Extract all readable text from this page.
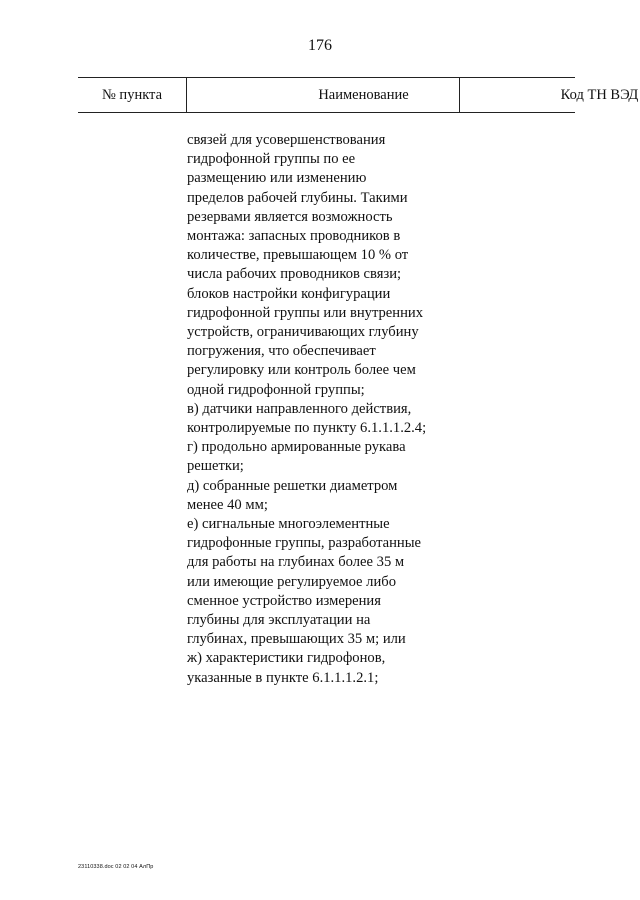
176
№ пункта	Наименование	Код ТН ВЭД
связей для усовершенствования
гидрофонной группы по ее
размещению или изменению
пределов рабочей глубины. Такими
резервами является возможность
монтажа: запасных проводников в
количестве, превышающем 10 % от
числа рабочих проводников связи;
блоков настройки конфигурации
гидрофонной группы или внутренних
устройств, ограничивающих глубину
погружения, что обеспечивает
регулировку или контроль более чем
одной гидрофонной группы;
в) датчики направленного действия,
контролируемые по пункту 6.1.1.1.2.4;
г) продольно армированные рукава
решетки;
д) собранные решетки диаметром
менее 40 мм;
е) сигнальные многоэлементные
гидрофонные группы, разработанные
для работы на глубинах более 35 м
или имеющие регулируемое либо
сменное устройство измерения
глубины для эксплуатации на
глубинах, превышающих 35 м; или
ж) характеристики гидрофонов,
указанные в пункте 6.1.1.1.2.1;
23110338.doc 02 02 04 АлПр
